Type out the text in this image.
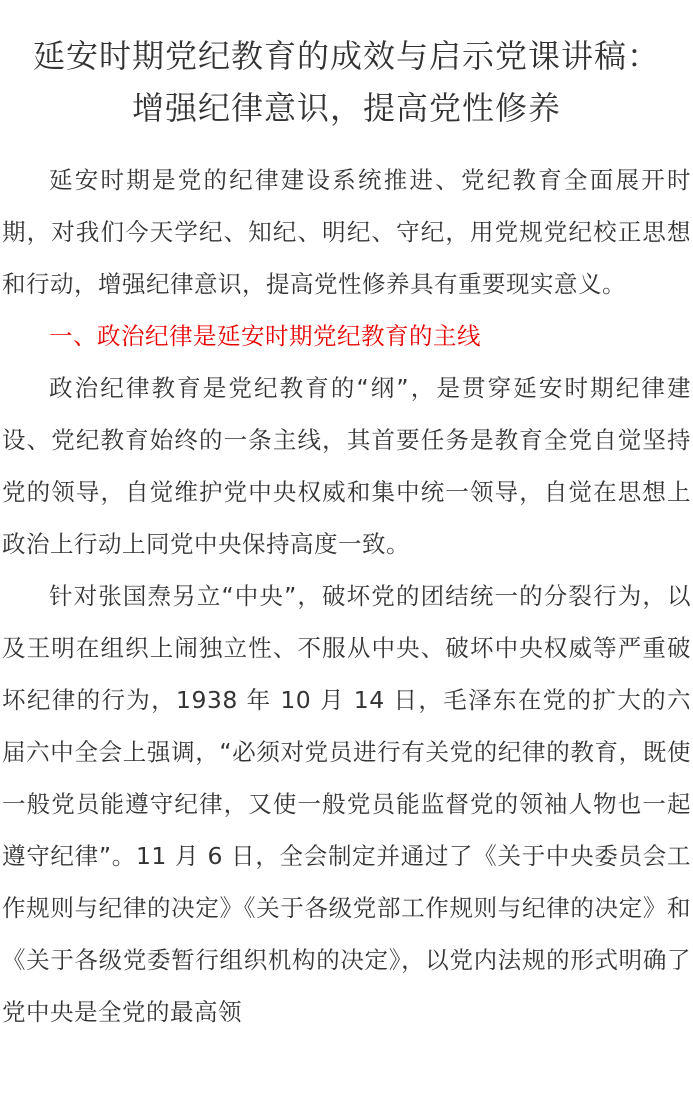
延安时期党纪教育的成效与启示党课讲稿：
增强纪律意识，提高党性修养

延安时期是党的纪律建设系统推进、党纪教育全面展开时期，对我们今天学纪、知纪、明纪、守纪，用党规党纪校正思想和行动，增强纪律意识，提高党性修养具有重要现实意义。

一、政治纪律是延安时期党纪教育的主线

政治纪律教育是党纪教育的“纲”，是贯穿延安时期纪律建设、党纪教育始终的一条主线，其首要任务是教育全党自觉坚持党的领导，自觉维护党中央权威和集中统一领导，自觉在思想上政治上行动上同党中央保持高度一致。

针对张国焘另立“中央”，破坏党的团结统一的分裂行为，以及王明在组织上闹独立性、不服从中央、破坏中央权威等严重破坏纪律的行为，1938 年 10 月 14 日，毛泽东在党的扩大的六届六中全会上强调，“必须对党员进行有关党的纪律的教育，既使一般党员能遵守纪律，又使一般党员能监督党的领袖人物也一起遵守纪律”。11 月 6 日，全会制定并通过了《关于中央委员会工作规则与纪律的决定》《关于各级党部工作规则与纪律的决定》和《关于各级党委暂行组织机构的决定》，以党内法规的形式明确了党中央是全党的最高领
